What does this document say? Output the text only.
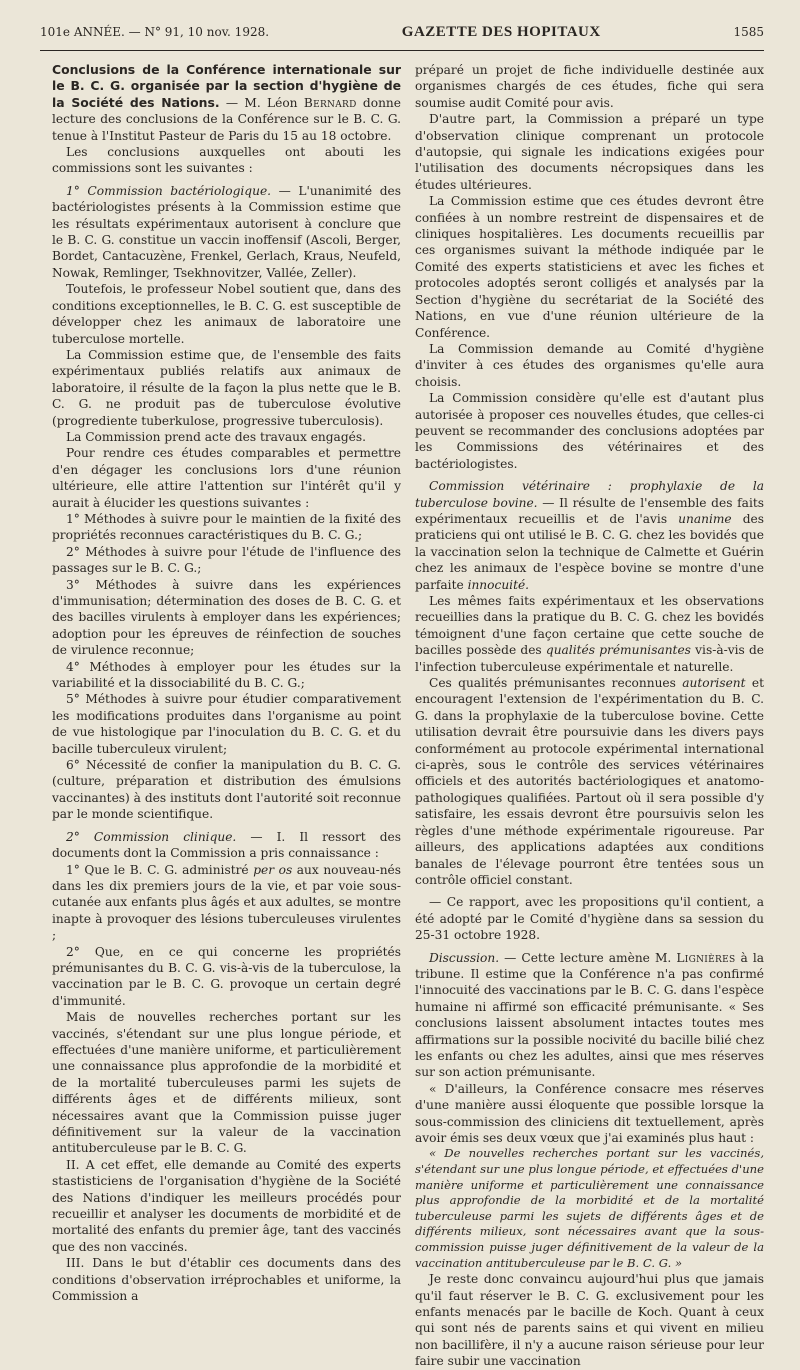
101e ANNÉE. — N° 91, 10 nov. 1928.	GAZETTE DES HOPITAUX	1585

Conclusions de la Conférence internationale sur le B. C. G. organisée par la section d'hygiène de la Société des Nations. — M. Léon Bernard donne lecture des conclusions de la Conférence sur le B. C. G. tenue à l'Institut Pasteur de Paris du 15 au 18 octobre.

Les conclusions auxquelles ont abouti les commissions sont les suivantes :

1° Commission bactériologique. — L'unanimité des bactériologistes présents à la Commission estime que les résultats expérimentaux autorisent à conclure que le B. C. G. constitue un vaccin inoffensif (Ascoli, Berger, Bordet, Cantacuzène, Frenkel, Gerlach, Kraus, Neufeld, Nowak, Remlinger, Tsekhnovitzer, Vallée, Zeller).

Toutefois, le professeur Nobel soutient que, dans des conditions exceptionnelles, le B. C. G. est susceptible de développer chez les animaux de laboratoire une tuberculose mortelle.

La Commission estime que, de l'ensemble des faits expérimentaux publiés relatifs aux animaux de laboratoire, il résulte de la façon la plus nette que le B. C. G. ne produit pas de tuberculose évolutive (progrediente tuberkulose, progressive tuberculosis).

La Commission prend acte des travaux engagés.

Pour rendre ces études comparables et permettre d'en dégager les conclusions lors d'une réunion ultérieure, elle attire l'attention sur l'intérêt qu'il y aurait à élucider les questions suivantes :

1° Méthodes à suivre pour le maintien de la fixité des propriétés reconnues caractéristiques du B. C. G.;

2° Méthodes à suivre pour l'étude de l'influence des passages sur le B. C. G.;

3° Méthodes à suivre dans les expériences d'immunisation; détermination des doses de B. C. G. et des bacilles virulents à employer dans les expériences; adoption pour les épreuves de réinfection de souches de virulence reconnue;

4° Méthodes à employer pour les études sur la variabilité et la dissociabilité du B. C. G.;

5° Méthodes à suivre pour étudier comparativement les modifications produites dans l'organisme au point de vue histologique par l'inoculation du B. C. G. et du bacille tuberculeux virulent;

6° Nécessité de confier la manipulation du B. C. G. (culture, préparation et distribution des émulsions vaccinantes) à des instituts dont l'autorité soit reconnue par le monde scientifique.

2° Commission clinique. — I. Il ressort des documents dont la Commission a pris connaissance :

1° Que le B. C. G. administré per os aux nouveau-nés dans les dix premiers jours de la vie, et par voie sous-cutanée aux enfants plus âgés et aux adultes, se montre inapte à provoquer des lésions tuberculeuses virulentes ;

2° Que, en ce qui concerne les propriétés prémunisantes du B. C. G. vis-à-vis de la tuberculose, la vaccination par le B. C. G. provoque un certain degré d'immunité.

Mais de nouvelles recherches portant sur les vaccinés, s'étendant sur une plus longue période, et effectuées d'une manière uniforme, et particulièrement une connaissance plus approfondie de la morbidité et de la mortalité tuberculeuses parmi les sujets de différents âges et de différents milieux, sont nécessaires avant que la Commission puisse juger définitivement sur la valeur de la vaccination antituberculeuse par le B. C. G.

II. A cet effet, elle demande au Comité des experts stastisticiens de l'organisation d'hygiène de la Société des Nations d'indiquer les meilleurs procédés pour recueillir et analyser les documents de morbidité et de mortalité des enfants du premier âge, tant des vaccinés que des non vaccinés.

III. Dans le but d'établir ces documents dans des conditions d'observation irréprochables et uniforme, la Commission a

préparé un projet de fiche individuelle destinée aux organismes chargés de ces études, fiche qui sera soumise audit Comité pour avis.

D'autre part, la Commission a préparé un type d'observation clinique comprenant un protocole d'autopsie, qui signale les indications exigées pour l'utilisation des documents nécropsiques dans les études ultérieures.

La Commission estime que ces études devront être confiées à un nombre restreint de dispensaires et de cliniques hospitalières. Les documents recueillis par ces organismes suivant la méthode indiquée par le Comité des experts statisticiens et avec les fiches et protocoles adoptés seront colligés et analysés par la Section d'hygiène du secrétariat de la Société des Nations, en vue d'une réunion ultérieure de la Conférence.

La Commission demande au Comité d'hygiène d'inviter à ces études des organismes qu'elle aura choisis.

La Commission considère qu'elle est d'autant plus autorisée à proposer ces nouvelles études, que celles-ci peuvent se recommander des conclusions adoptées par les Commissions des vétérinaires et des bactériologistes.

Commission vétérinaire : prophylaxie de la tuberculose bovine. — Il résulte de l'ensemble des faits expérimentaux recueillis et de l'avis unanime des praticiens qui ont utilisé le B. C. G. chez les bovidés que la vaccination selon la technique de Calmette et Guérin chez les animaux de l'espèce bovine se montre d'une parfaite innocuité.

Les mêmes faits expérimentaux et les observations recueillies dans la pratique du B. C. G. chez les bovidés témoignent d'une façon certaine que cette souche de bacilles possède des qualités prémunisantes vis-à-vis de l'infection tuberculeuse expérimentale et naturelle.

Ces qualités prémunisantes reconnues autorisent et encouragent l'extension de l'expérimentation du B. C. G. dans la prophylaxie de la tuberculose bovine. Cette utilisation devrait être poursuivie dans les divers pays conformément au protocole expérimental international ci-après, sous le contrôle des services vétérinaires officiels et des autorités bactériologiques et anatomo-pathologiques qualifiées. Partout où il sera possible d'y satisfaire, les essais devront être poursuivis selon les règles d'une méthode expérimentale rigoureuse. Par ailleurs, des applications adaptées aux conditions banales de l'élevage pourront être tentées sous un contrôle officiel constant.

— Ce rapport, avec les propositions qu'il contient, a été adopté par le Comité d'hygiène dans sa session du 25-31 octobre 1928.

Discussion. — Cette lecture amène M. Lignières à la tribune. Il estime que la Conférence n'a pas confirmé l'innocuité des vaccinations par le B. C. G. dans l'espèce humaine ni affirmé son efficacité prémunisante. « Ses conclusions laissent absolument intactes toutes mes affirmations sur la possible nocivité du bacille bilié chez les enfants ou chez les adultes, ainsi que mes réserves sur son action prémunisante.

« D'ailleurs, la Conférence consacre mes réserves d'une manière aussi éloquente que possible lorsque la sous-commission des cliniciens dit textuellement, après avoir émis ses deux vœux que j'ai examinés plus haut :

« De nouvelles recherches portant sur les vaccinés, s'étendant sur une plus longue période, et effectuées d'une manière uniforme et particulièrement une connaissance plus approfondie de la morbidité et de la mortalité tuberculeuse parmi les sujets de différents âges et de différents milieux, sont nécessaires avant que la sous-commission puisse juger définitivement de la valeur de la vaccination antituberculeuse par le B. C. G. »

Je reste donc convaincu aujourd'hui plus que jamais qu'il faut réserver le B. C. G. exclusivement pour les enfants menacés par le bacille de Koch. Quant à ceux qui sont nés de parents sains et qui vivent en milieu non bacillifère, il n'y a aucune raison sérieuse pour leur faire subir une vaccination
